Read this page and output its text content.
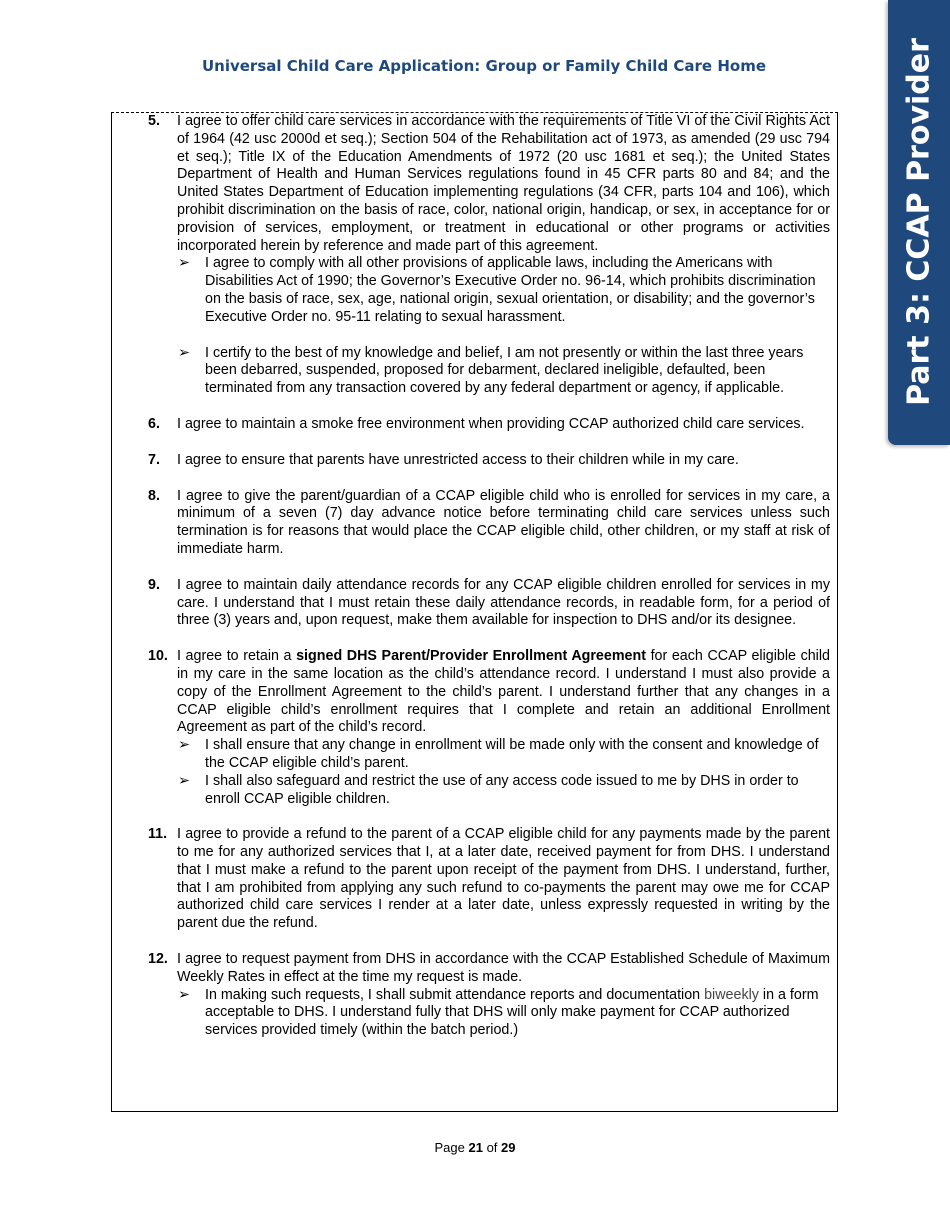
Part 3: CCAP Provider
Universal Child Care Application: Group or Family Child Care Home
5. I agree to offer child care services in accordance with the requirements of Title VI of the Civil Rights Act of 1964 (42 usc 2000d et seq.); Section 504 of the Rehabilitation act of 1973, as amended (29 usc 794 et seq.); Title IX of the Education Amendments of 1972 (20 usc 1681 et seq.); the United States Department of Health and Human Services regulations found in 45 CFR parts 80 and 84; and the United States Department of Education implementing regulations (34 CFR, parts 104 and 106), which prohibit discrimination on the basis of race, color, national origin, handicap, or sex, in acceptance for or provision of services, employment, or treatment in educational or other programs or activities incorporated herein by reference and made part of this agreement.
➢ I agree to comply with all other provisions of applicable laws, including the Americans with Disabilities Act of 1990; the Governor’s Executive Order no. 96-14, which prohibits discrimination on the basis of race, sex, age, national origin, sexual orientation, or disability; and the governor’s Executive Order no. 95-11 relating to sexual harassment.
➢ I certify to the best of my knowledge and belief, I am not presently or within the last three years been debarred, suspended, proposed for debarment, declared ineligible, defaulted, been terminated from any transaction covered by any federal department or agency, if applicable.
6. I agree to maintain a smoke free environment when providing CCAP authorized child care services.
7. I agree to ensure that parents have unrestricted access to their children while in my care.
8. I agree to give the parent/guardian of a CCAP eligible child who is enrolled for services in my care, a minimum of a seven (7) day advance notice before terminating child care services unless such termination is for reasons that would place the CCAP eligible child, other children, or my staff at risk of immediate harm.
9. I agree to maintain daily attendance records for any CCAP eligible children enrolled for services in my care. I understand that I must retain these daily attendance records, in readable form, for a period of three (3) years and, upon request, make them available for inspection to DHS and/or its designee.
10. I agree to retain a signed DHS Parent/Provider Enrollment Agreement for each CCAP eligible child in my care in the same location as the child’s attendance record. I understand I must also provide a copy of the Enrollment Agreement to the child’s parent. I understand further that any changes in a CCAP eligible child’s enrollment requires that I complete and retain an additional Enrollment Agreement as part of the child’s record.
➢ I shall ensure that any change in enrollment will be made only with the consent and knowledge of the CCAP eligible child’s parent.
➢ I shall also safeguard and restrict the use of any access code issued to me by DHS in order to enroll CCAP eligible children.
11. I agree to provide a refund to the parent of a CCAP eligible child for any payments made by the parent to me for any authorized services that I, at a later date, received payment for from DHS. I understand that I must make a refund to the parent upon receipt of the payment from DHS. I understand, further, that I am prohibited from applying any such refund to co-payments the parent may owe me for CCAP authorized child care services I render at a later date, unless expressly requested in writing by the parent due the refund.
12. I agree to request payment from DHS in accordance with the CCAP Established Schedule of Maximum Weekly Rates in effect at the time my request is made.
➢ In making such requests, I shall submit attendance reports and documentation biweekly in a form acceptable to DHS. I understand fully that DHS will only make payment for CCAP authorized services provided timely (within the batch period.)
Page 21 of 29
